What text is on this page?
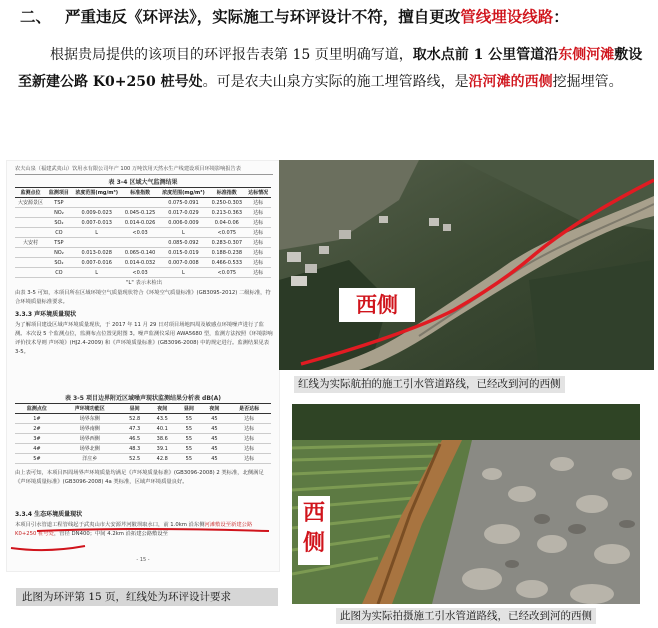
二、 严重违反《环评法》，实际施工与环评设计不符，擅自更改管线埋设线路：
根据贵局提供的该项目的环评报告表第 15 页里明确写道，取水点前 1 公里管道沿东侧河滩敷设至新建公路 K0+250 桩号处。可是农夫山泉方实际的施工埋管路线，是沿河滩的西侧挖掘埋管。
农夫山泉（福建武夷山）饮用水有限公司年产 100 万吨饮用天然水生产线建设项目环境影响报告表
表 3-4 区域大气监测结果
监测点位	监测项目	浓度范围(mg/m³)	标准指数	浓度范围(mg/m³)	标准指数	达标情况
大安源景区	TSP			0.075-0.091	0.250-0.303	达标
	NO₂	0.009-0.023	0.045-0.125	0.017-0.029	0.213-0.363	达标
	SO₂	0.007-0.013	0.014-0.026	0.006-0.009	0.04-0.06	达标
	CO	L	<0.03	L	<0.075	达标
大安村	TSP			0.085-0.092	0.283-0.307	达标
	NO₂	0.013-0.028	0.065-0.140	0.015-0.019	0.188-0.238	达标
	SO₂	0.007-0.016	0.014-0.032	0.007-0.008	0.466-0.533	达标
	CO	L	<0.03	L	<0.075	达标
"L" 表示未检出
由表 3-5 可知，本项目所在区域环境空气质量现状符合《环境空气质量标准》(GB3095-2012) 二级标准，符合环境质量标准要求。
3.3.3 声环境质量现状
为了解项目建设区域声环境质量现状，于 2017 年 11 月 29 日对项目场地四周及敏感点环境噪声进行了监测。本次设 5 个监测点位，监测布点位置见附图 3。噪声监测仪采用 AWA5680 型，监测方法按照《环境影响评价技术导则 声环境》(HJ2.4-2009) 和《声环境质量标准》(GB3096-2008) 中的规定进行。监测结果见表 3-5。
表 3-5 项目边界附近区域噪声现状监测结果分析表 dB(A)
监测点位	声环境功能区	昼间	夜间	昼间	夜间	是否达标
1#	场界东侧	52.8	43.5	55	45	达标
2#	场界南侧	47.3	40.1	55	45	达标
3#	场界西侧	46.5	38.6	55	45	达标
4#	场界北侧	48.3	39.1	55	45	达标
5#	洋庄乡	52.5	42.8	55	45	达标
由上表可知，本项目四周场界声环境质量均满足《声环境质量标准》(GB3096-2008) 2 类标准，北侧满足《声环境质量标准》(GB3096-2008) 4a 类标准，区域声环境质量良好。
3.3.4 生态环境质量现状
本项目引水管道工程管线起于武夷山市大安源芹河陂坝取水口，前 1.0km 沿东侧河滩敷设至新建公路 K0+250 桩号处，管径 DN400；中间 4.2km 沿拓建公路敷设至
- 15 -
此图为环评第 15 页，红线处为环评设计要求
西侧
红线为实际航拍的施工引水管道路线，已经改到河的西侧
西侧
此图为实际拍摄施工引水管道路线，已经改到河的西侧
